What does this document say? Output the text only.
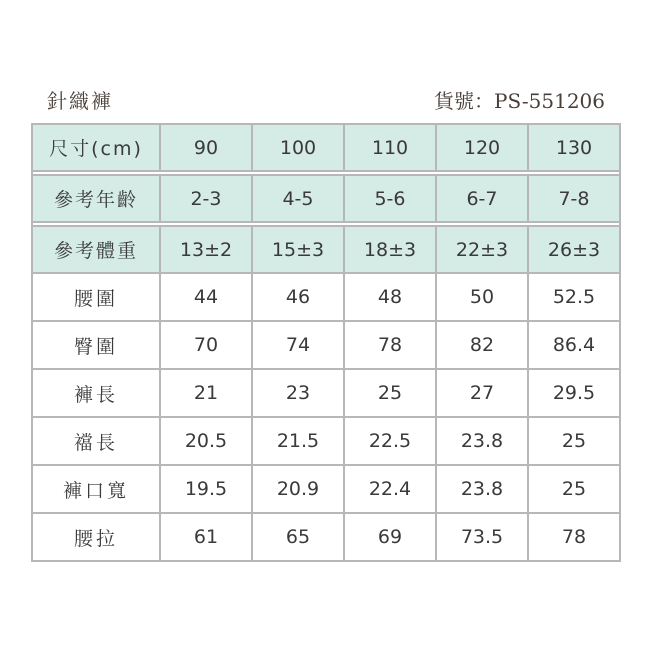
針織褲	貨號：PS-551206
尺寸(cm)	90	100	110	120	130

參考年齡	2-3	4-5	5-6	6-7	7-8

參考體重	13±2	15±3	18±3	22±3	26±3
腰圍	44	46	48	50	52.5
臀圍	70	74	78	82	86.4
褲長	21	23	25	27	29.5
襠長	20.5	21.5	22.5	23.8	25
褲口寬	19.5	20.9	22.4	23.8	25
腰拉	61	65	69	73.5	78
